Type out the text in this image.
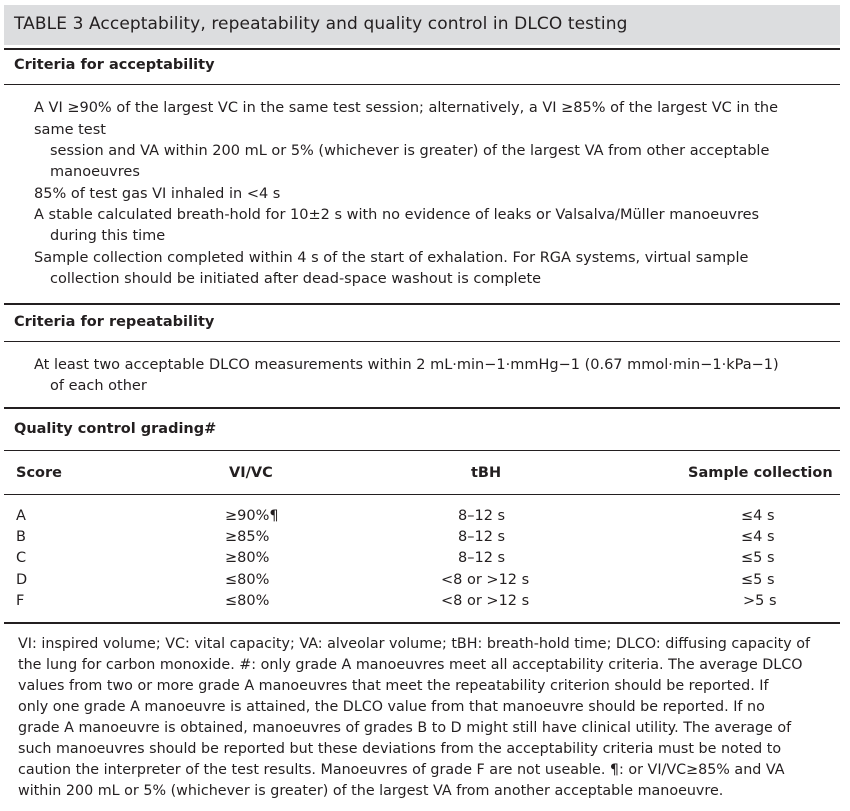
TABLE 3 Acceptability, repeatability and quality control in DLCO testing
Criteria for acceptability
A VI ≥90% of the largest VC in the same test session; alternatively, a VI ≥85% of the largest VC in the
same test
session and VA within 200 mL or 5% (whichever is greater) of the largest VA from other acceptable
manoeuvres
85% of test gas VI inhaled in <4 s
A stable calculated breath-hold for 10±2 s with no evidence of leaks or Valsalva/Müller manoeuvres
during this time
Sample collection completed within 4 s of the start of exhalation. For RGA systems, virtual sample
collection should be initiated after dead-space washout is complete
Criteria for repeatability
At least two acceptable DLCO measurements within 2 mL·min−1·mmHg−1 (0.67 mmol·min−1·kPa−1)
of each other
Quality control grading#
Score	VI/VC	tBH	Sample collection
A	≥90%¶	8–12 s	≤4 s
B	≥85%	8–12 s	≤4 s
C	≥80%	8–12 s	≤5 s
D	≤80%	<8 or >12 s	≤5 s
F	≤80%	<8 or >12 s	>5 s
VI: inspired volume; VC: vital capacity; VA: alveolar volume; tBH: breath-hold time; DLCO: diffusing capacity of
the lung for carbon monoxide. #: only grade A manoeuvres meet all acceptability criteria. The average DLCO
values from two or more grade A manoeuvres that meet the repeatability criterion should be reported. If
only one grade A manoeuvre is attained, the DLCO value from that manoeuvre should be reported. If no
grade A manoeuvre is obtained, manoeuvres of grades B to D might still have clinical utility. The average of
such manoeuvres should be reported but these deviations from the acceptability criteria must be noted to
caution the interpreter of the test results. Manoeuvres of grade F are not useable. ¶: or VI/VC≥85% and VA
within 200 mL or 5% (whichever is greater) of the largest VA from another acceptable manoeuvre.
